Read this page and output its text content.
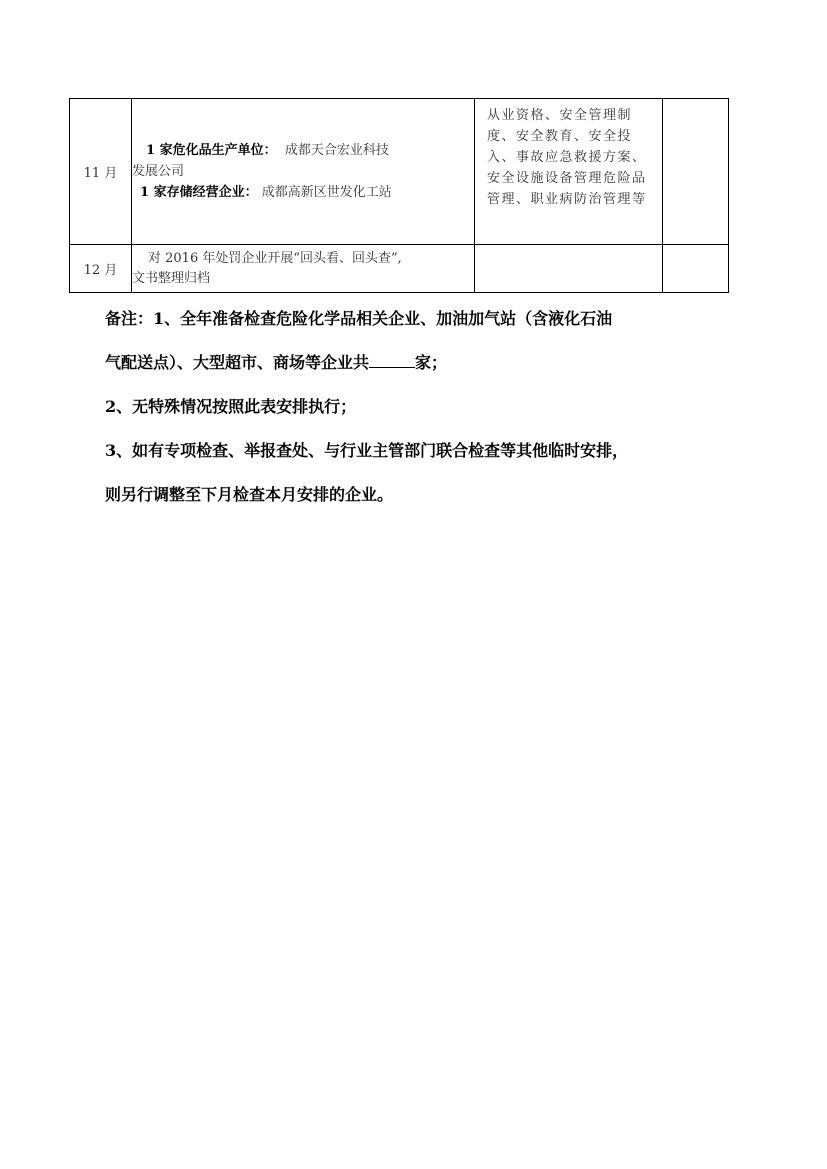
11 月	1 家危化品生产单位： 成都天合宏业科技
发展公司
1 家存储经营企业： 成都高新区世发化工站	从业资格、安全管理制度、安全教育、安全投入、事故应急救援方案、安全设施设备管理危险品管理、职业病防治管理等	
12 月	对 2016 年处罚企业开展“回头看、回头查”,
文书整理归档		

备注：1、全年准备检查危险化学品相关企业、加油加气站（含液化石油

气配送点）、大型超市、商场等企业共	家；

2、无特殊情况按照此表安排执行；

3、如有专项检查、举报查处、与行业主管部门联合检查等其他临时安排，

则另行调整至下月检查本月安排的企业。
